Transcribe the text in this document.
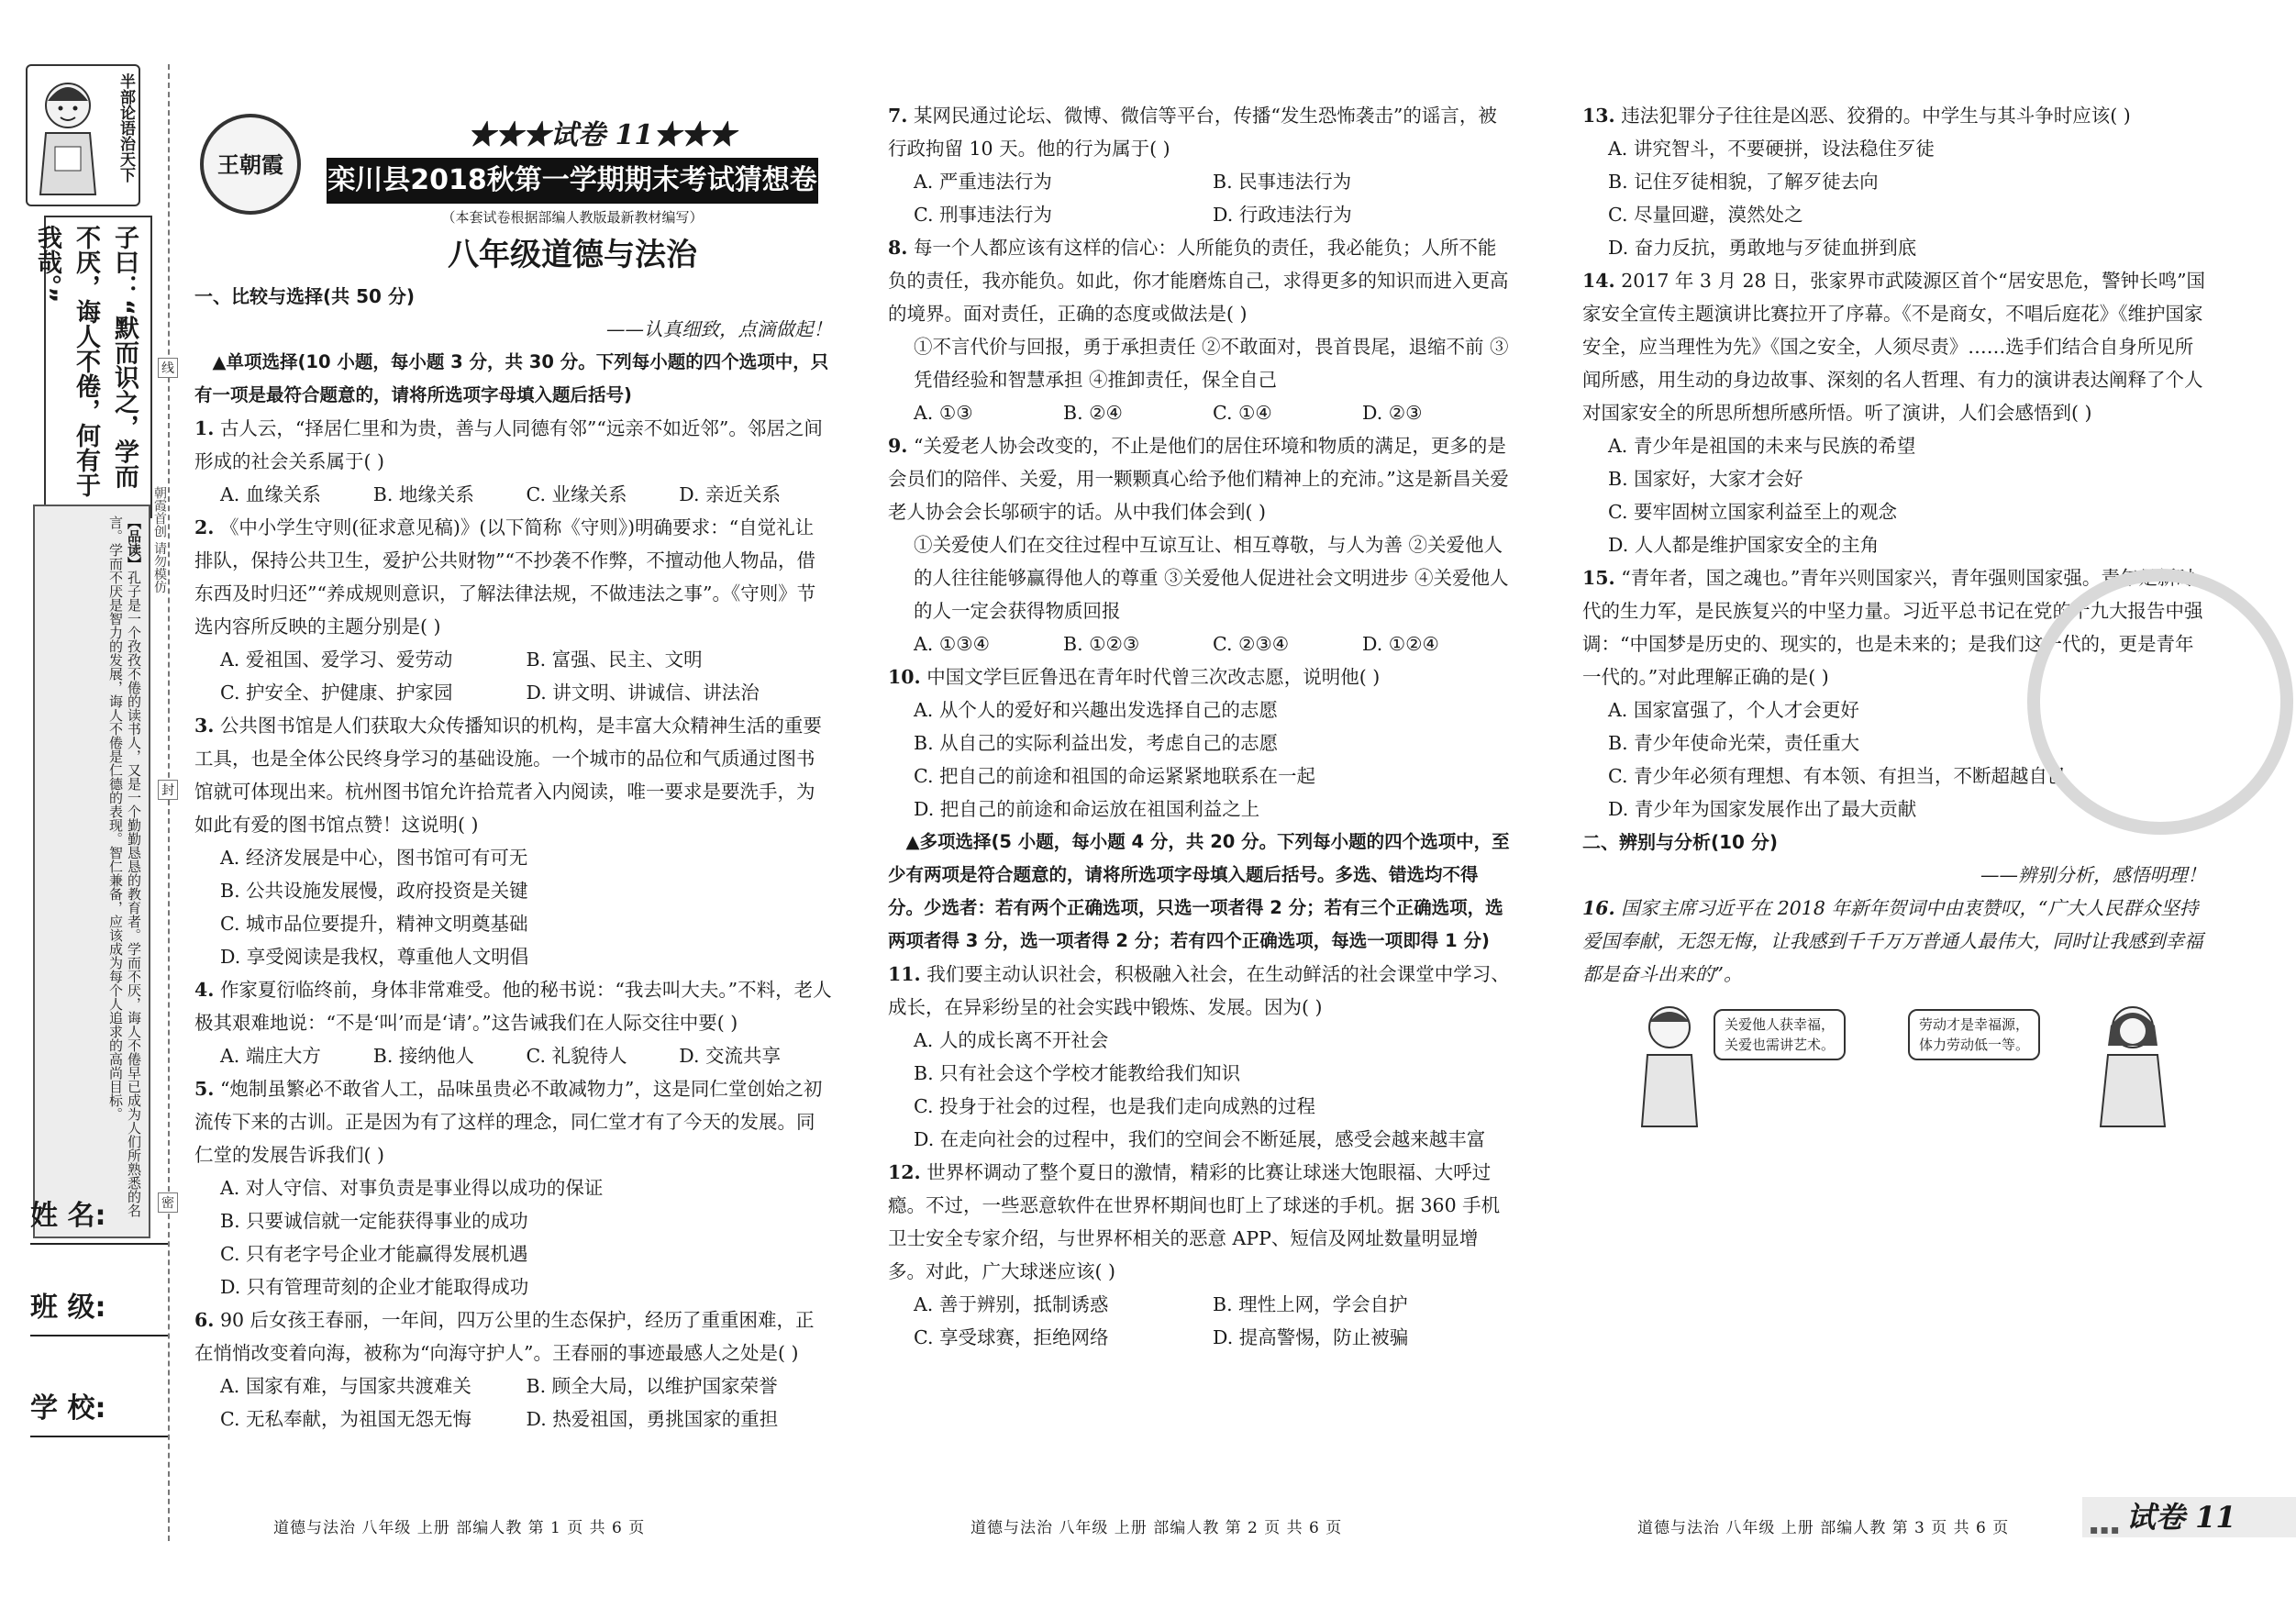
半部论语治天下
子曰：“默而识之，学而不厌，诲人不倦，何有于我哉。”
【品读】孔子是一个孜孜不倦的读书人，又是一个勤勤恳恳的教育者。学而不厌，诲人不倦早已成为人们所熟悉的名言。学而不厌是智力的发展，诲人不倦是仁德的表现。智仁兼备，应该成为每个人追求的高尚目标。
姓 名:
班 级:
学 校:
线
封
密
朝霞首创 请勿模仿
王朝霞
★★★试卷 11★★★
栾川县2018秋第一学期期末考试猜想卷
（本套试卷根据部编人教版最新教材编写）
八年级道德与法治
一、比较与选择(共 50 分)
——认真细致，点滴做起！
▲单项选择(10 小题，每小题 3 分，共 30 分。下列每小题的四个选项中，只有一项是最符合题意的，请将所选项字母填入题后括号)
1. 古人云，“择居仁里和为贵，善与人同德有邻”“远亲不如近邻”。邻居之间形成的社会关系属于( )
A. 血缘关系	B. 地缘关系	C. 业缘关系	D. 亲近关系
2. 《中小学生守则(征求意见稿)》(以下简称《守则》)明确要求：“自觉礼让排队，保持公共卫生，爱护公共财物”“不抄袭不作弊，不擅动他人物品，借东西及时归还”“养成规则意识，了解法律法规，不做违法之事”。《守则》节选内容所反映的主题分别是( )
A. 爱祖国、爱学习、爱劳动	B. 富强、民主、文明
C. 护安全、护健康、护家园	D. 讲文明、讲诚信、讲法治
3. 公共图书馆是人们获取大众传播知识的机构，是丰富大众精神生活的重要工具，也是全体公民终身学习的基础设施。一个城市的品位和气质通过图书馆就可体现出来。杭州图书馆允许拾荒者入内阅读，唯一要求是要洗手，为如此有爱的图书馆点赞！这说明( )
A. 经济发展是中心，图书馆可有可无
B. 公共设施发展慢，政府投资是关键
C. 城市品位要提升，精神文明奠基础
D. 享受阅读是我权，尊重他人文明倡
4. 作家夏衍临终前，身体非常难受。他的秘书说：“我去叫大夫。”不料，老人极其艰难地说：“不是‘叫’而是‘请’。”这告诫我们在人际交往中要( )
A. 端庄大方	B. 接纳他人	C. 礼貌待人	D. 交流共享
5. “炮制虽繁必不敢省人工，品味虽贵必不敢减物力”，这是同仁堂创始之初流传下来的古训。正是因为有了这样的理念，同仁堂才有了今天的发展。同仁堂的发展告诉我们( )
A. 对人守信、对事负责是事业得以成功的保证
B. 只要诚信就一定能获得事业的成功
C. 只有老字号企业才能赢得发展机遇
D. 只有管理苛刻的企业才能取得成功
6. 90 后女孩王春丽，一年间，四万公里的生态保护，经历了重重困难，正在悄悄改变着向海，被称为“向海守护人”。王春丽的事迹最感人之处是( )
A. 国家有难，与国家共渡难关	B. 顾全大局，以维护国家荣誉
C. 无私奉献，为祖国无怨无悔	D. 热爱祖国，勇挑国家的重担
7. 某网民通过论坛、微博、微信等平台，传播“发生恐怖袭击”的谣言，被行政拘留 10 天。他的行为属于( )
A. 严重违法行为	B. 民事违法行为
C. 刑事违法行为	D. 行政违法行为
8. 每一个人都应该有这样的信心：人所能负的责任，我必能负；人所不能负的责任，我亦能负。如此，你才能磨炼自己，求得更多的知识而进入更高的境界。面对责任，正确的态度或做法是( )
①不言代价与回报，勇于承担责任 ②不敢面对，畏首畏尾，退缩不前 ③凭借经验和智慧承担 ④推卸责任，保全自己
A. ①③	B. ②④	C. ①④	D. ②③
9. “关爱老人协会改变的，不止是他们的居住环境和物质的满足，更多的是会员们的陪伴、关爱，用一颗颗真心给予他们精神上的充沛。”这是新昌关爱老人协会会长邬硕宇的话。从中我们体会到( )
①关爱使人们在交往过程中互谅互让、相互尊敬，与人为善 ②关爱他人的人往往能够赢得他人的尊重 ③关爱他人促进社会文明进步 ④关爱他人的人一定会获得物质回报
A. ①③④	B. ①②③	C. ②③④	D. ①②④
10. 中国文学巨匠鲁迅在青年时代曾三次改志愿，说明他( )
A. 从个人的爱好和兴趣出发选择自己的志愿
B. 从自己的实际利益出发，考虑自己的志愿
C. 把自己的前途和祖国的命运紧紧地联系在一起
D. 把自己的前途和命运放在祖国利益之上
▲多项选择(5 小题，每小题 4 分，共 20 分。下列每小题的四个选项中，至少有两项是符合题意的，请将所选项字母填入题后括号。多选、错选均不得分。少选者：若有两个正确选项，只选一项者得 2 分；若有三个正确选项，选两项者得 3 分，选一项者得 2 分；若有四个正确选项，每选一项即得 1 分)
11. 我们要主动认识社会，积极融入社会，在生动鲜活的社会课堂中学习、成长，在异彩纷呈的社会实践中锻炼、发展。因为( )
A. 人的成长离不开社会
B. 只有社会这个学校才能教给我们知识
C. 投身于社会的过程，也是我们走向成熟的过程
D. 在走向社会的过程中，我们的空间会不断延展，感受会越来越丰富
12. 世界杯调动了整个夏日的激情，精彩的比赛让球迷大饱眼福、大呼过瘾。不过，一些恶意软件在世界杯期间也盯上了球迷的手机。据 360 手机卫士安全专家介绍，与世界杯相关的恶意 APP、短信及网址数量明显增多。对此，广大球迷应该( )
A. 善于辨别，抵制诱惑	B. 理性上网，学会自护
C. 享受球赛，拒绝网络	D. 提高警惕，防止被骗
13. 违法犯罪分子往往是凶恶、狡猾的。中学生与其斗争时应该( )
A. 讲究智斗，不要硬拼，设法稳住歹徒
B. 记住歹徒相貌，了解歹徒去向
C. 尽量回避，漠然处之
D. 奋力反抗，勇敢地与歹徒血拼到底
14. 2017 年 3 月 28 日，张家界市武陵源区首个“居安思危，警钟长鸣”国家安全宣传主题演讲比赛拉开了序幕。《不是商女，不唱后庭花》《维护国家安全，应当理性为先》《国之安全，人须尽责》……选手们结合自身所见所闻所感，用生动的身边故事、深刻的名人哲理、有力的演讲表达阐释了个人对国家安全的所思所想所感所悟。听了演讲，人们会感悟到( )
A. 青少年是祖国的未来与民族的希望
B. 国家好，大家才会好
C. 要牢固树立国家利益至上的观念
D. 人人都是维护国家安全的主角
15. “青年者，国之魂也。”青年兴则国家兴，青年强则国家强。青年是新时代的生力军，是民族复兴的中坚力量。习近平总书记在党的十九大报告中强调：“中国梦是历史的、现实的，也是未来的；是我们这一代的，更是青年一代的。”对此理解正确的是( )
A. 国家富强了，个人才会更好
B. 青少年使命光荣，责任重大
C. 青少年必须有理想、有本领、有担当，不断超越自己
D. 青少年为国家发展作出了最大贡献
二、辨别与分析(10 分)
——辨别分析，感悟明理！
16. 国家主席习近平在 2018 年新年贺词中由衷赞叹，“广大人民群众坚持爱国奉献，无怨无悔，让我感到千千万万普通人最伟大，同时让我感到幸福都是奋斗出来的”。
关爱他人获幸福，
关爱也需讲艺术。
劳动才是幸福源，
体力劳动低一等。
道德与法治 八年级 上册 部编人教 第 1 页 共 6 页	道德与法治 八年级 上册 部编人教 第 2 页 共 6 页	道德与法治 八年级 上册 部编人教 第 3 页 共 6 页	▪▪▪ 试卷 11
